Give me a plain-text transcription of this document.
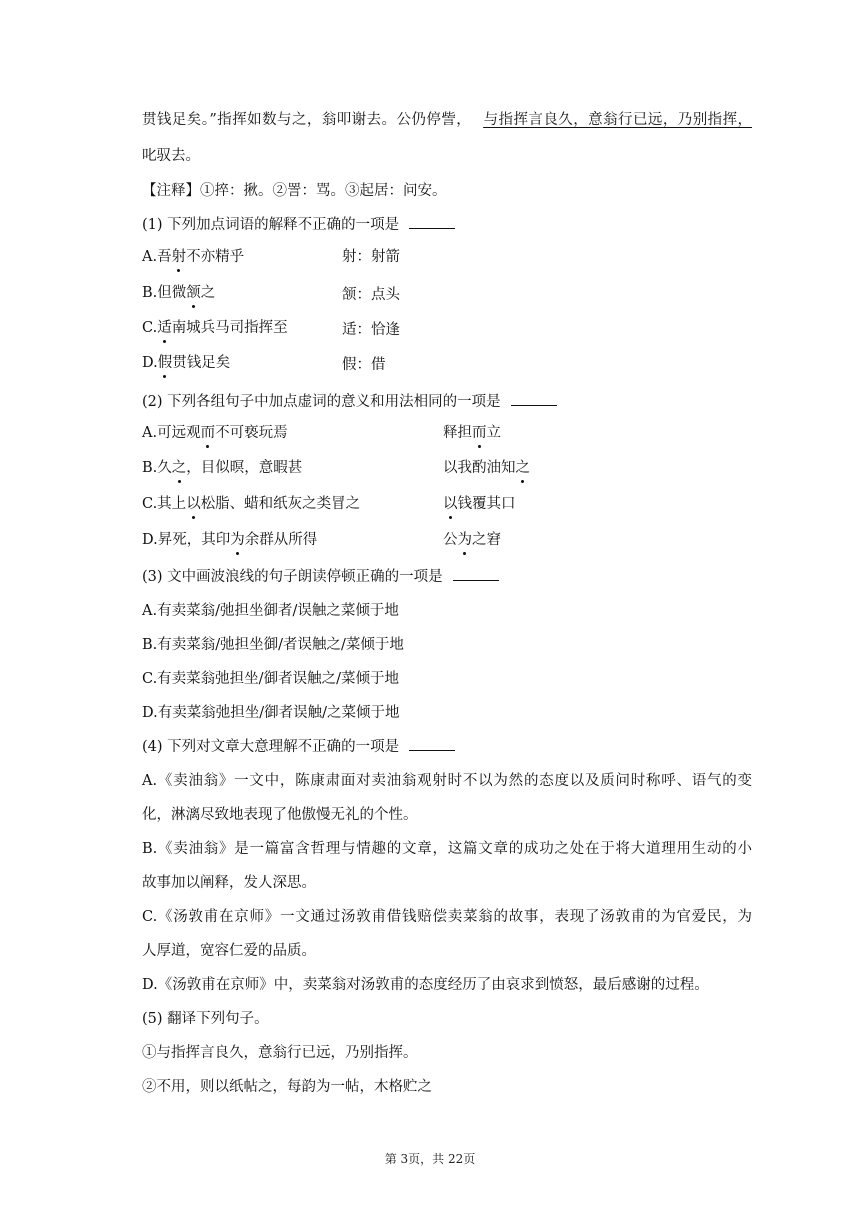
贯钱足矣。”指挥如数与之，翁叩谢去。公仍停訾， 与指挥言良久，意翁行已远，乃别指挥，
叱驭去。
【注释】①捽：揪。②詈：骂。③起居：问安。
(1) 下列加点词语的解释不正确的一项是
A.吾射不亦精乎	射：射箭
B.但微颔之	颔：点头
C.适南城兵马司指挥至	适：恰逢
D.假贯钱足矣	假：借
(2) 下列各组句子中加点虚词的意义和用法相同的一项是
A.可远观而不可亵玩焉	释担而立
B.久之，目似暝，意暇甚	以我酌油知之
C.其上以松脂、蜡和纸灰之类冒之	以钱覆其口
D.昇死，其印为余群从所得	公为之窘
(3) 文中画波浪线的句子朗读停顿正确的一项是
A.有卖菜翁/弛担坐御者/误触之菜倾于地
B.有卖菜翁/弛担坐御/者误触之/菜倾于地
C.有卖菜翁弛担坐/御者误触之/菜倾于地
D.有卖菜翁弛担坐/御者误触/之菜倾于地
(4) 下列对文章大意理解不正确的一项是
A.《卖油翁》一文中，陈康肃面对卖油翁观射时不以为然的态度以及质问时称呼、语气的变
化，淋漓尽致地表现了他傲慢无礼的个性。
B.《卖油翁》是一篇富含哲理与情趣的文章，这篇文章的成功之处在于将大道理用生动的小
故事加以阐释，发人深思。
C.《汤敦甫在京师》一文通过汤敦甫借钱赔偿卖菜翁的故事，表现了汤敦甫的为官爱民，为
人厚道，宽容仁爱的品质。
D.《汤敦甫在京师》中，卖菜翁对汤敦甫的态度经历了由哀求到愤怒，最后感谢的过程。
(5) 翻译下列句子。
①与指挥言良久，意翁行已远，乃别指挥。
②不用，则以纸帖之，每韵为一帖，木格贮之
第 3页，共 22页
